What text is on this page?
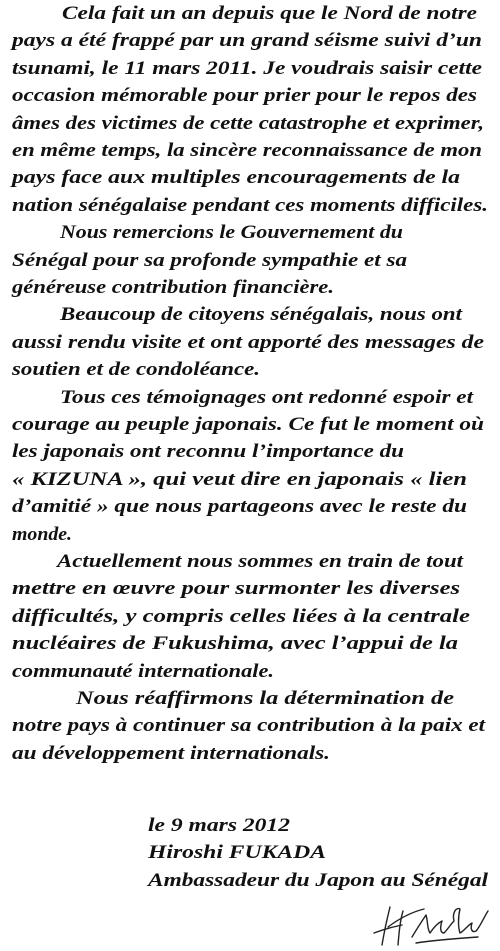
Cela fait un an depuis que le Nord de notre
pays a été frappé par un grand séisme suivi d’un
tsunami, le 11 mars 2011. Je voudrais saisir cette
occasion mémorable pour prier pour le repos des
âmes des victimes de cette catastrophe et exprimer,
en même temps, la sincère reconnaissance de mon
pays face aux multiples encouragements de la
nation sénégalaise pendant ces moments difficiles.
Nous remercions le Gouvernement du
Sénégal pour sa profonde sympathie et sa
généreuse contribution financière.
Beaucoup de citoyens sénégalais, nous ont
aussi rendu visite et ont apporté des messages de
soutien et de condoléance.
Tous ces témoignages ont redonné espoir et
courage au peuple japonais. Ce fut le moment où
les japonais ont reconnu l’importance du
« KIZUNA », qui veut dire en japonais « lien
d’amitié » que nous partageons avec le reste du
monde.
Actuellement nous sommes en train de tout
mettre en œuvre pour surmonter les diverses
difficultés, y compris celles liées à la centrale
nucléaires de Fukushima, avec l’appui de la
communauté internationale.
Nous réaffirmons la détermination de
notre pays à continuer sa contribution à la paix et
au développement internationals.
le 9 mars 2012
Hiroshi FUKADA
Ambassadeur du Japon au Sénégal
